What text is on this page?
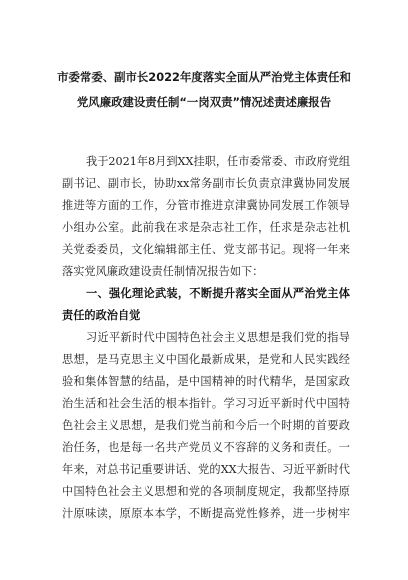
市委常委、副市长2022年度落实全面从严治党主体责任和
党风廉政建设责任制“一岗双责”情况述责述廉报告
我于2021年8月到XX挂职，任市委常委、市政府党组
副书记、副市长，协助xx常务副市长负责京津冀协同发展
推进等方面的工作，分管市推进京津冀协同发展工作领导
小组办公室。此前我在求是杂志社工作，任求是杂志社机
关党委委员，文化编辑部主任、党支部书记。现将一年来
落实党风廉政建设责任制情况报告如下：
一、强化理论武装，不断提升落实全面从严治党主体
责任的政治自觉
习近平新时代中国特色社会主义思想是我们党的指导
思想，是马克思主义中国化最新成果，是党和人民实践经
验和集体智慧的结晶，是中国精神的时代精华，是国家政
治生活和社会生活的根本指针。学习习近平新时代中国特
色社会主义思想，是我们党当前和今后一个时期的首要政
治任务，也是每一名共产党员义不容辞的义务和责任。一
年来，对总书记重要讲话、党的XX大报告、习近平新时代
中国特色社会主义思想和党的各项制度规定，我都坚持原
汁原味读，原原本本学，不断提高党性修养，进一步树牢
